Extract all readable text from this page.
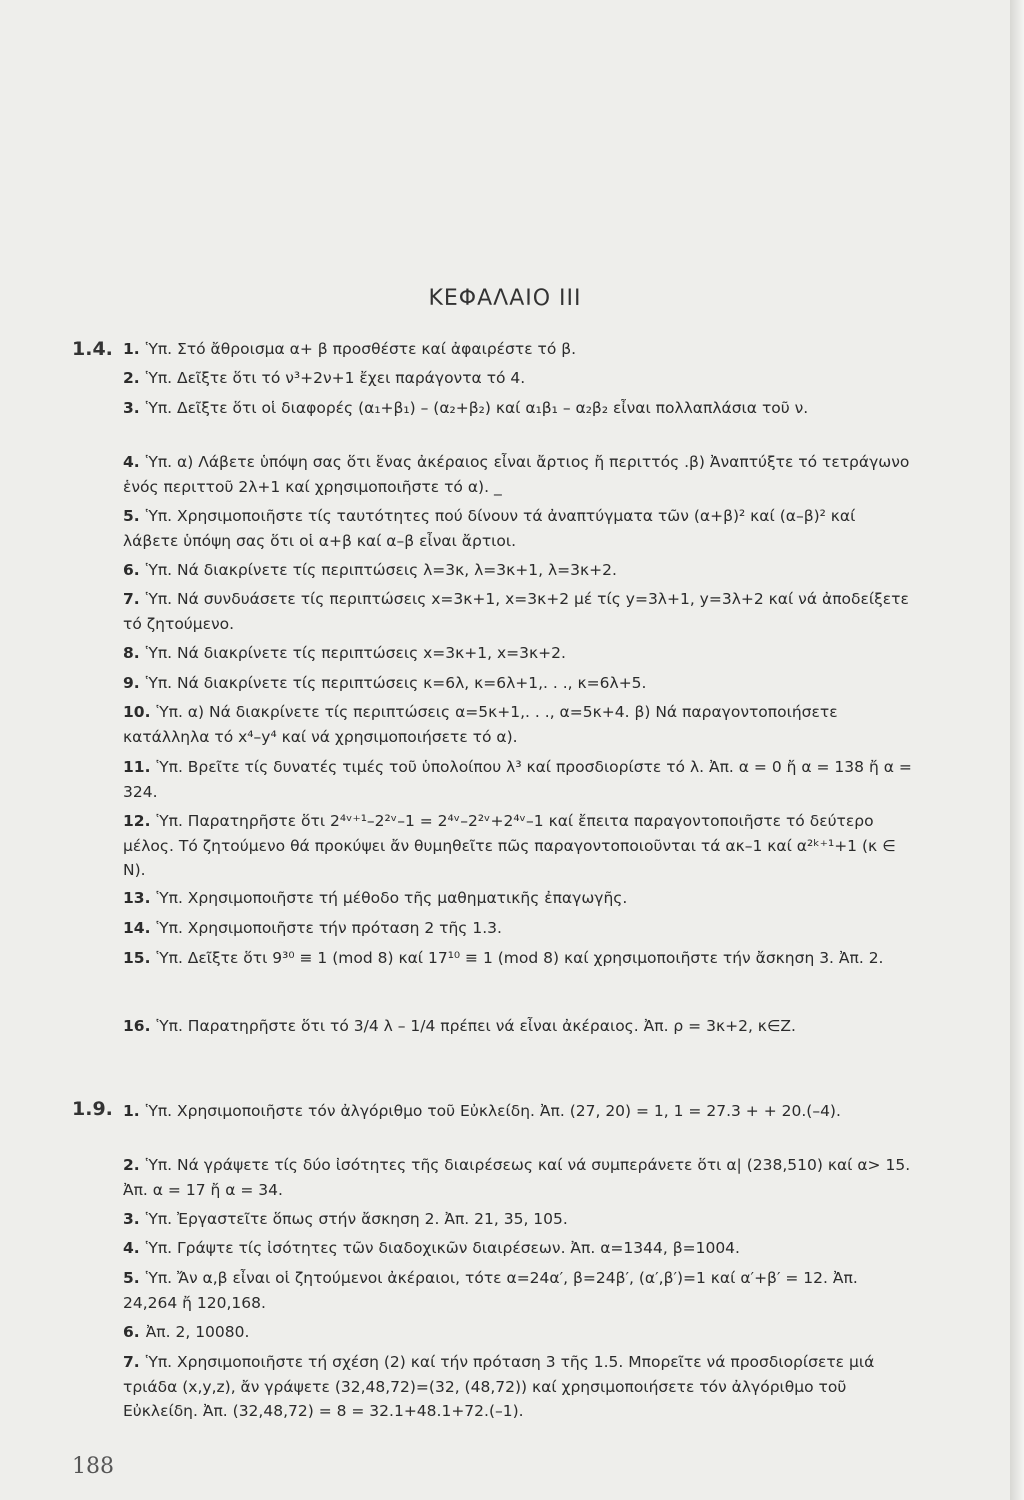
ΚΕΦΑΛΑΙΟ III
1.4. 1. Ὑπ. Στό ἄθροισμα α+ β προσθέστε καί ἀφαιρέστε τό β.
2. Ὑπ. Δεῖξτε ὅτι τό ν³+2ν+1 ἔχει παράγοντα τό 4.
3. Ὑπ. Δεῖξτε ὅτι οἱ διαφορές (α₁+β₁) – (α₂+β₂) καί α₁β₁ – α₂β₂ εἶναι πολλαπλάσια τοῦ ν.
4. Ὑπ. α) Λάβετε ὑπόψη σας ὅτι ἕνας ἀκέραιος εἶναι ἄρτιος ἤ περιττός .β) Ἀναπτύξτε τό τετράγωνο ἑνός περιττοῦ 2λ+1 καί χρησιμοποιῆστε τό α). _
5. Ὑπ. Χρησιμοποιῆστε τίς ταυτότητες πού δίνουν τά ἀναπτύγματα τῶν (α+β)² καί (α–β)² καί λάβετε ὑπόψη σας ὅτι οἱ α+β καί α–β εἶναι ἄρτιοι.
6. Ὑπ. Νά διακρίνετε τίς περιπτώσεις λ=3κ, λ=3κ+1, λ=3κ+2.
7. Ὑπ. Νά συνδυάσετε τίς περιπτώσεις x=3κ+1, x=3κ+2 μέ τίς y=3λ+1, y=3λ+2 καί νά ἀποδείξετε τό ζητούμενο.
8. Ὑπ. Νά διακρίνετε τίς περιπτώσεις x=3κ+1, x=3κ+2.
9. Ὑπ. Νά διακρίνετε τίς περιπτώσεις κ=6λ, κ=6λ+1,. . ., κ=6λ+5.
10. Ὑπ. α) Νά διακρίνετε τίς περιπτώσεις α=5κ+1,. . ., α=5κ+4. β) Νά παραγοντοποιήσετε κατάλληλα τό x⁴–y⁴ καί νά χρησιμοποιήσετε τό α).
11. Ὑπ. Βρεῖτε τίς δυνατές τιμές τοῦ ὑπολοίπου λ³ καί προσδιορίστε τό λ. Ἀπ. α = 0 ἤ α = 138 ἤ α = 324.
12. Ὑπ. Παρατηρῆστε ὅτι 2⁴ᵛ⁺¹–2²ᵛ–1 = 2⁴ᵛ–2²ᵛ+2⁴ᵛ–1 καί ἔπειτα παραγοντοποιῆστε τό δεύτερο μέλος. Τό ζητούμενο θά προκύψει ἄν θυμηθεῖτε πῶς παραγοντοποιοῦνται τά ακ–1 καί α²ᵏ⁺¹+1 (κ ∈ N).
13. Ὑπ. Χρησιμοποιῆστε τή μέθοδο τῆς μαθηματικῆς ἐπαγωγῆς.
14. Ὑπ. Χρησιμοποιῆστε τήν πρόταση 2 τῆς 1.3.
15. Ὑπ. Δεῖξτε ὅτι 9³⁰ ≡ 1 (mod 8) καί 17¹⁰ ≡ 1 (mod 8) καί χρησιμοποιῆστε τήν ἄσκηση 3. Ἀπ. 2.
16. Ὑπ. Παρατηρῆστε ὅτι τό 3/4 λ – 1/4 πρέπει νά εἶναι ἀκέραιος. Ἀπ. ρ = 3κ+2, κ∈Z.
1.9. 1. Ὑπ. Χρησιμοποιῆστε τόν ἀλγόριθμο τοῦ Εὐκλείδη. Ἀπ. (27, 20) = 1, 1 = 27.3 + + 20.(–4).
2. Ὑπ. Νά γράψετε τίς δύο ἰσότητες τῆς διαιρέσεως καί νά συμπεράνετε ὅτι α| (238,510) καί α> 15. Ἀπ. α = 17 ἤ α = 34.
3. Ὑπ. Ἐργαστεῖτε ὅπως στήν ἄσκηση 2. Ἀπ. 21, 35, 105.
4. Ὑπ. Γράψτε τίς ἰσότητες τῶν διαδοχικῶν διαιρέσεων. Ἀπ. α=1344, β=1004.
5. Ὑπ. Ἄν α,β εἶναι οἱ ζητούμενοι ἀκέραιοι, τότε α=24α′, β=24β′, (α′,β′)=1 καί α′+β′ = 12. Ἀπ. 24,264 ἤ 120,168.
6. Ἀπ. 2, 10080.
7. Ὑπ. Χρησιμοποιῆστε τή σχέση (2) καί τήν πρόταση 3 τῆς 1.5. Μπορεῖτε νά προσδιορίσετε μιά τριάδα (x,y,z), ἄν γράψετε (32,48,72)=(32, (48,72)) καί χρησιμοποιήσετε τόν ἀλγόριθμο τοῦ Εὐκλείδη. Ἀπ. (32,48,72) = 8 = 32.1+48.1+72.(–1).
188
